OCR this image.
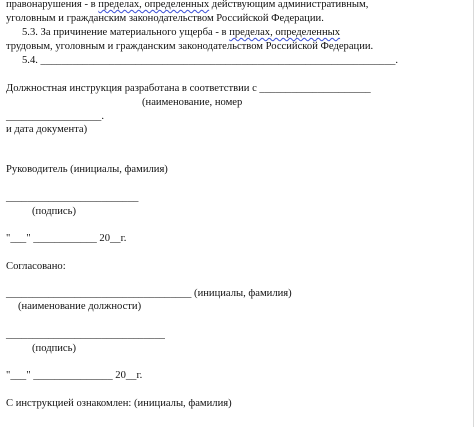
правонарушения - в пределах, определенных действующим административным,
уголовным и гражданским законодательством Российской Федерации.
5.3. За причинение материального ущерба - в пределах, определенных
трудовым, уголовным и гражданским законодательством Российской Федерации.
5.4. ___________________________________________________________________.
Должностная инструкция разработана в соответствии с _____________________
(наименование, номер
__________________.
и дата документа)
Руководитель (инициалы, фамилия)
_________________________
(подпись)
"___" ____________ 20__г.
Согласовано:
___________________________________ (инициалы, фамилия)
(наименование должности)
______________________________
(подпись)
"___" _______________ 20__г.
С инструкцией ознакомлен: (инициалы, фамилия)
